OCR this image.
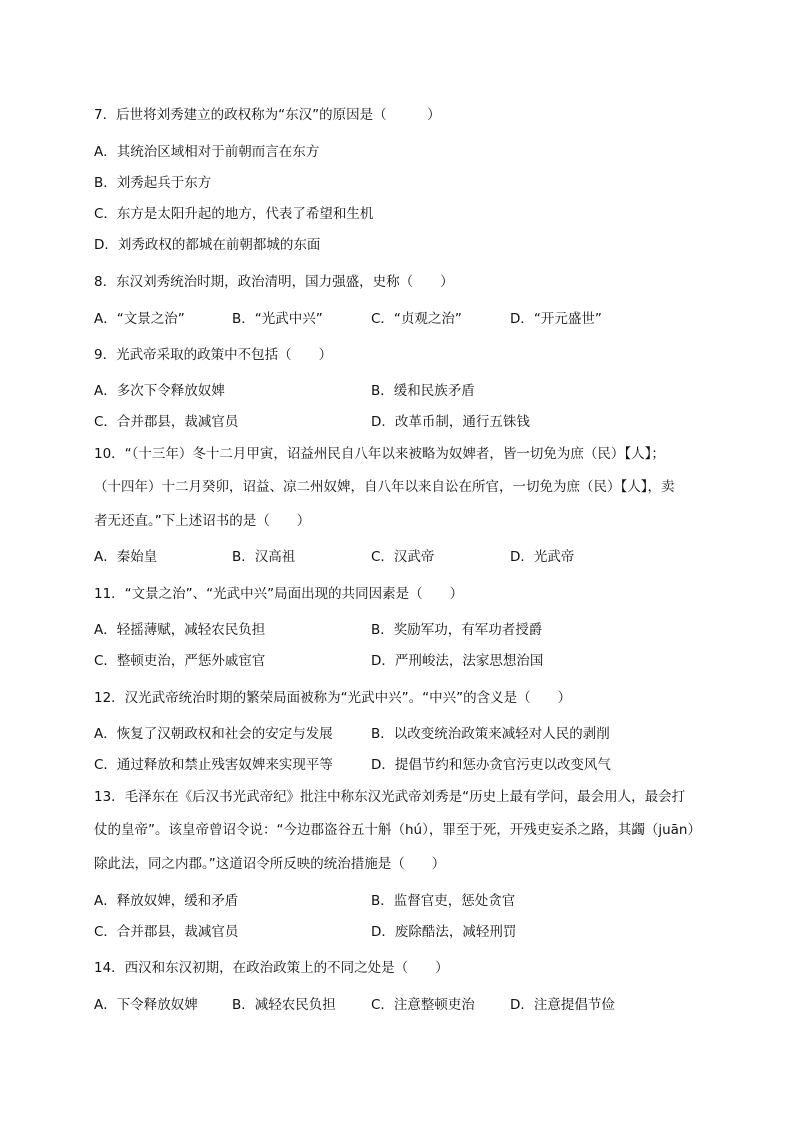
7．后世将刘秀建立的政权称为“东汉”的原因是（　　　）
A．其统治区域相对于前朝而言在东方
B．刘秀起兵于东方
C．东方是太阳升起的地方，代表了希望和生机
D．刘秀政权的都城在前朝都城的东面
8．东汉刘秀统治时期，政治清明，国力强盛，史称（　　）
A．“文景之治”	B．“光武中兴”	C．“贞观之治”	D．“开元盛世”
9．光武帝采取的政策中不包括（　　）
A．多次下令释放奴婢	B．缓和民族矛盾
C．合并郡县，裁减官员	D．改革币制，通行五铢钱
10．“（十三年）冬十二月甲寅，诏益州民自八年以来被略为奴婢者，皆一切免为庶（民）【人】；
（十四年）十二月癸卯，诏益、凉二州奴婢，自八年以来自讼在所官，一切免为庶（民）【人】，卖
者无还直。”下上述诏书的是（　　）
A．秦始皇	B．汉高祖	C．汉武帝	D．光武帝
11．“文景之治”、“光武中兴”局面出现的共同因素是（　　）
A．轻摇薄赋，减轻农民负担	B．奖励军功，有军功者授爵
C．整顿吏治，严惩外戚宦官	D．严刑峻法，法家思想治国
12．汉光武帝统治时期的繁荣局面被称为“光武中兴”。“中兴”的含义是（　　）
A．恢复了汉朝政权和社会的安定与发展	B．以改变统治政策来减轻对人民的剥削
C．通过释放和禁止残害奴婢来实现平等	D．提倡节约和惩办贪官污吏以改变风气
13．毛泽东在《后汉书光武帝纪》批注中称东汉光武帝刘秀是“历史上最有学问，最会用人，最会打
仗的皇帝”。该皇帝曾诏令说：“今边郡盗谷五十斛（hú），罪至于死，开残吏妄杀之路，其蠲（juān）
除此法，同之内郡。”这道诏令所反映的统治措施是（　　）
A．释放奴婢，缓和矛盾	B．监督官吏，惩处贪官
C．合并郡县，裁减官员	D．废除酷法，减轻刑罚
14．西汉和东汉初期，在政治政策上的不同之处是（　　）
A．下令释放奴婢	B．减轻农民负担	C．注意整顿吏治	D．注意提倡节俭
